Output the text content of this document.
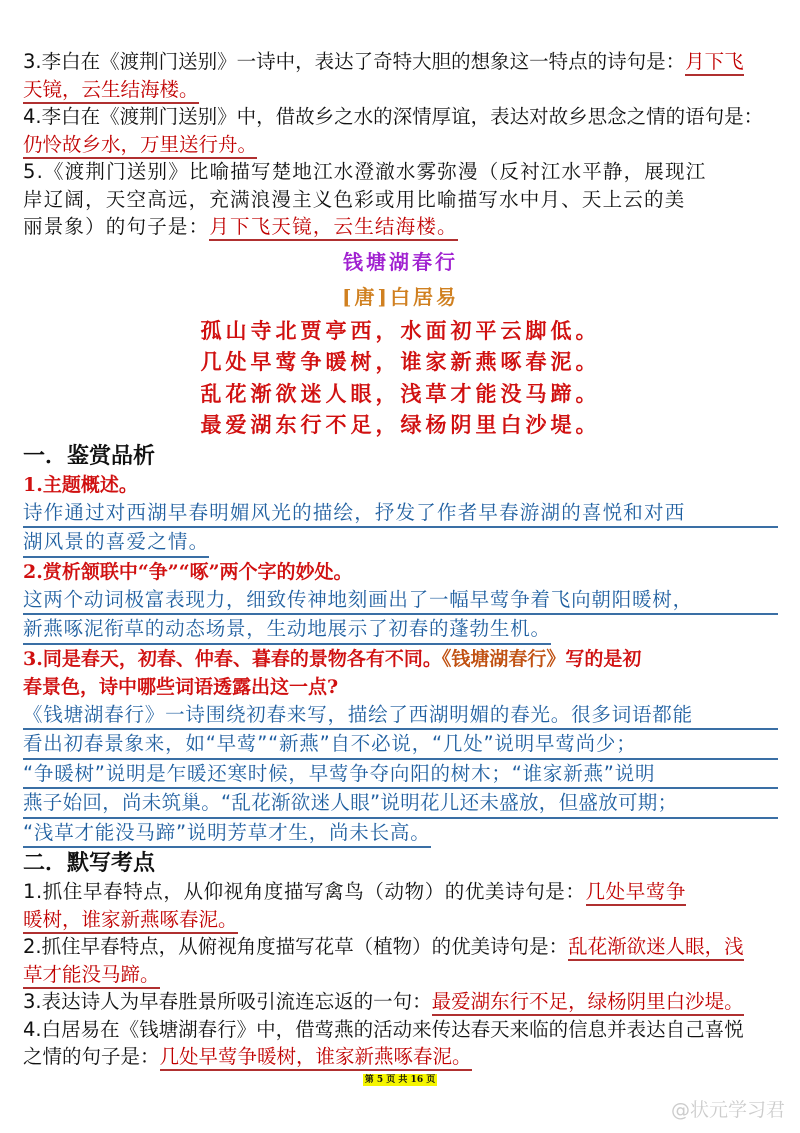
3.李白在《渡荆门送别》一诗中，表达了奇特大胆的想象这一特点的诗句是：月下飞
天镜，云生结海楼。
4.李白在《渡荆门送别》中，借故乡之水的深情厚谊，表达对故乡思念之情的语句是：
仍怜故乡水，万里送行舟。
5.《渡荆门送别》比喻描写楚地江水澄澈水雾弥漫（反衬江水平静，展现江
岸辽阔，天空高远，充满浪漫主义色彩或用比喻描写水中月、天上云的美
丽景象）的句子是：月下飞天镜，云生结海楼。
钱塘湖春行
[唐]白居易
孤山寺北贾亭西，水面初平云脚低。
几处早莺争暖树，谁家新燕啄春泥。
乱花渐欲迷人眼，浅草才能没马蹄。
最爱湖东行不足，绿杨阴里白沙堤。
一．鉴赏品析
1.主题概述。
诗作通过对西湖早春明媚风光的描绘，抒发了作者早春游湖的喜悦和对西
湖风景的喜爱之情。
2.赏析颔联中“争”“啄”两个字的妙处。
这两个动词极富表现力，细致传神地刻画出了一幅早莺争着飞向朝阳暖树，
新燕啄泥衔草的动态场景，生动地展示了初春的蓬勃生机。
3.同是春天，初春、仲春、暮春的景物各有不同。《钱塘湖春行》写的是初
春景色，诗中哪些词语透露出这一点?
《钱塘湖春行》一诗围绕初春来写，描绘了西湖明媚的春光。很多词语都能
看出初春景象来，如“早莺”“新燕”自不必说，“几处”说明早莺尚少；
“争暖树”说明是乍暖还寒时候，早莺争夺向阳的树木；“谁家新燕”说明
燕子始回，尚未筑巢。“乱花渐欲迷人眼”说明花儿还未盛放，但盛放可期；
“浅草才能没马蹄”说明芳草才生，尚未长高。
二．默写考点
1.抓住早春特点，从仰视角度描写禽鸟（动物）的优美诗句是：几处早莺争
暖树，谁家新燕啄春泥。
2.抓住早春特点，从俯视角度描写花草（植物）的优美诗句是：乱花渐欲迷人眼，浅
草才能没马蹄。
3.表达诗人为早春胜景所吸引流连忘返的一句：最爱湖东行不足，绿杨阴里白沙堤。
4.白居易在《钱塘湖春行》中，借莺燕的活动来传达春天来临的信息并表达自己喜悦
之情的句子是：几处早莺争暖树，谁家新燕啄春泥。
第 5 页 共 16 页
@状元学习君
